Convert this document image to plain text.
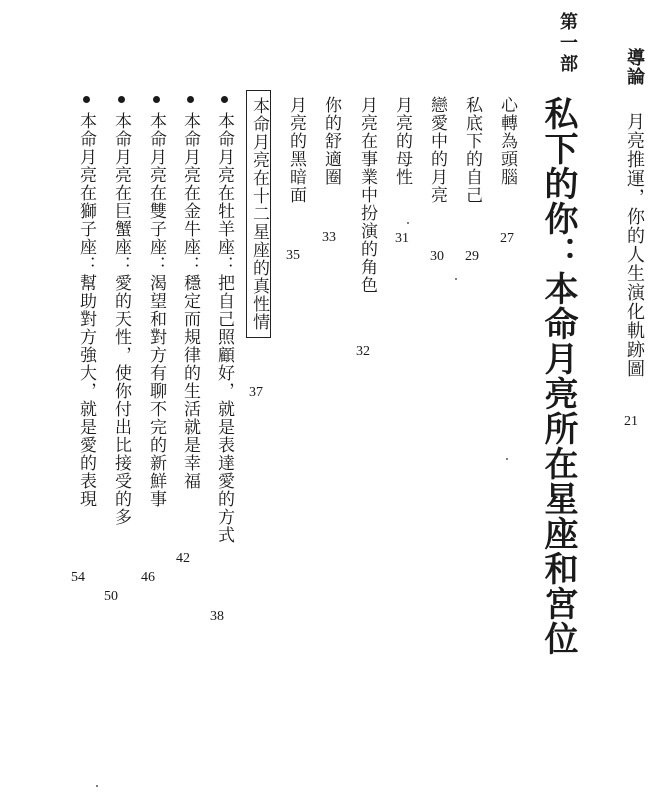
導論
月亮推運，你的人生演化軌跡圖
21
第一部
私下的你：本命月亮所在星座和宮位
心轉為頭腦
27
私底下的自己
29
戀愛中的月亮
30
月亮的母性
31
月亮在事業中扮演的角色
32
你的舒適圈
33
月亮的黑暗面
35
本命月亮在十二星座的真性情
37
本命月亮在牡羊座：把自己照顧好，就是表達愛的方式
38
本命月亮在金牛座：穩定而規律的生活就是幸福
42
本命月亮在雙子座：渴望和對方有聊不完的新鮮事
46
本命月亮在巨蟹座：愛的天性，使你付出比接受的多
50
本命月亮在獅子座：幫助對方強大，就是愛的表現
54
